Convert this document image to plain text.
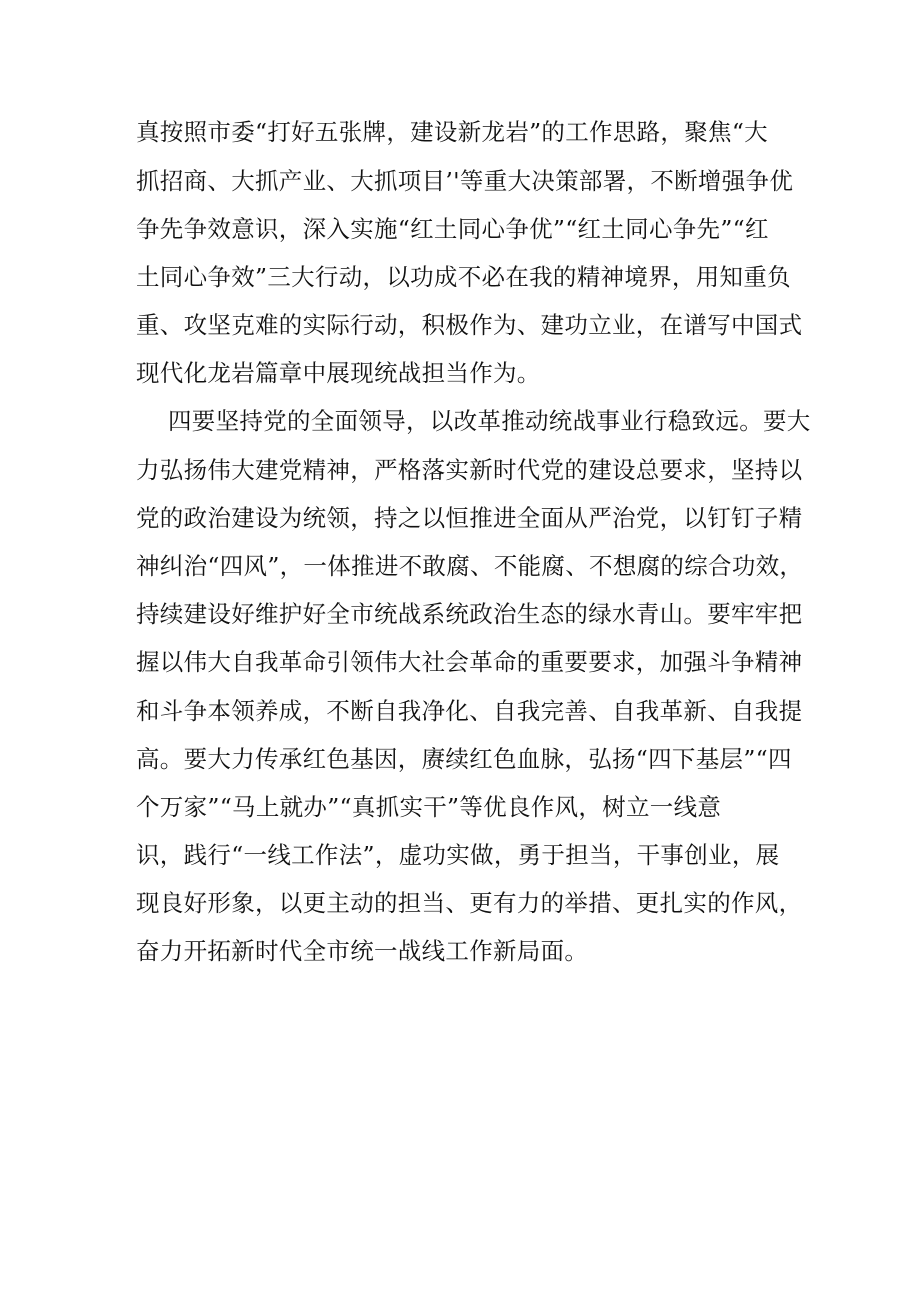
真按照市委“打好五张牌，建设新龙岩”的工作思路，聚焦“大
抓招商、大抓产业、大抓项目’'等重大决策部署，不断增强争优
争先争效意识，深入实施“红土同心争优”“红土同心争先”“红
土同心争效”三大行动，以功成不必在我的精神境界，用知重负
重、攻坚克难的实际行动，积极作为、建功立业，在谱写中国式
现代化龙岩篇章中展现统战担当作为。
四要坚持党的全面领导，以改革推动统战事业行稳致远。要大
力弘扬伟大建党精神，严格落实新时代党的建设总要求，坚持以
党的政治建设为统领，持之以恒推进全面从严治党，以钉钉子精
神纠治“四风”，一体推进不敢腐、不能腐、不想腐的综合功效，
持续建设好维护好全市统战系统政治生态的绿水青山。要牢牢把
握以伟大自我革命引领伟大社会革命的重要要求，加强斗争精神
和斗争本领养成，不断自我净化、自我完善、自我革新、自我提
高。要大力传承红色基因，赓续红色血脉，弘扬“四下基层”“四
个万家”“马上就办”“真抓实干”等优良作风，树立一线意
识，践行“一线工作法”，虚功实做，勇于担当，干事创业，展
现良好形象，以更主动的担当、更有力的举措、更扎实的作风，
奋力开拓新时代全市统一战线工作新局面。
